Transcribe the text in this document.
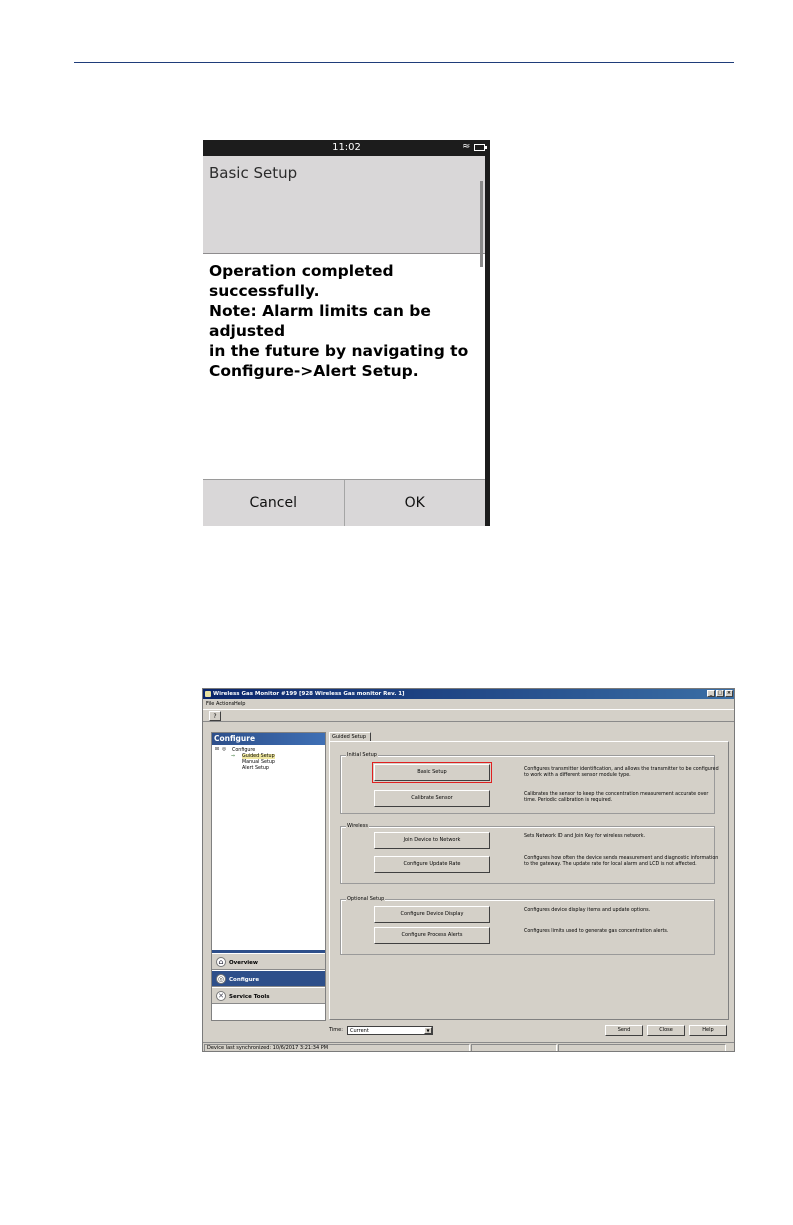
11:02	≈
Basic Setup
Operation completed successfully.
Note: Alarm limits can be adjusted
in the future by navigating to
Configure->Alert Setup.
Cancel	OK
Wireless Gas Monitor #199 [928 Wireless Gas monitor Rev. 1]	_	□ ×
File Actions Help
?
Configure
⊟ ◎ Configure
⇒ Guided Setup
Manual Setup
Alert Setup
⌂	Overview
◎ Configure
✕ Service Tools
Guided Setup
Initial Setup
Basic Setup	Configures transmitter identification, and allows the transmitter to be configured to work with a different sensor module type.
Calibrate Sensor
Calibrates the sensor to keep the concentration measurement accurate over time. Periodic calibration is required.
Wireless
Join Device to Network
Sets Network ID and Join Key for wireless network.
Configure Update Rate
Configures how often the device sends measurement and diagnostic information to the gateway. The update rate for local alarm and LCD is not affected.
Optional Setup
Configure Device Display
Configures device display items and update options.
Configure Process Alerts
Configures limits used to generate gas concentration alerts.
Time:	Current	▼	Send	Close	Help
Device last synchronized: 10/6/2017 3:21:34 PM
